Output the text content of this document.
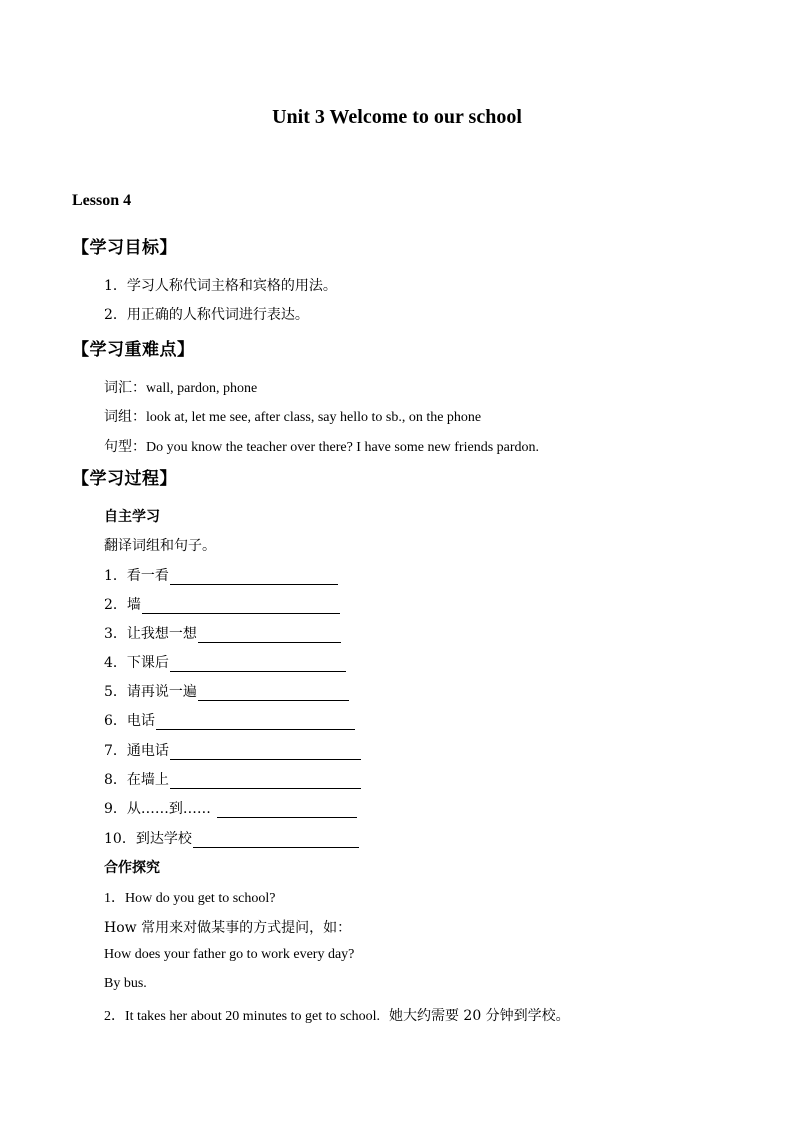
Unit 3 Welcome to our school
Lesson 4
【学习目标】
1．学习人称代词主格和宾格的用法。
2．用正确的人称代词进行表达。
【学习重难点】
词汇：wall, pardon, phone
词组：look at, let me see, after class, say hello to sb., on the phone
句型：Do you know the teacher over there? I have some new friends pardon.
【学习过程】
自主学习
翻译词组和句子。
1．看一看
2．墙
3．让我想一想
4．下课后
5．请再说一遍
6．电话
7．通电话
8．在墙上
9．从……到……
10．到达学校
合作探究
1．How do you get to school?
How 常用来对做某事的方式提问，如：
How does your father go to work every day?
By bus.
2．It takes her about 20 minutes to get to school. 她大约需要 20 分钟到学校。
